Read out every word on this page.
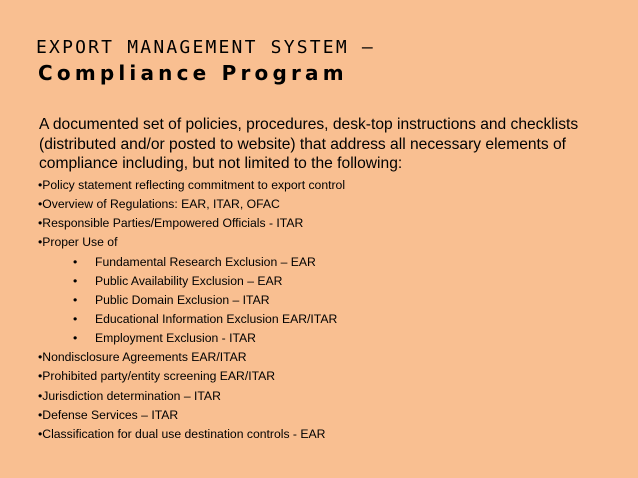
EXPORT MANAGEMENT SYSTEM –
Compliance Program
A documented set of policies, procedures, desk-top instructions and checklists (distributed and/or posted to website) that address all necessary elements of compliance including, but not limited to the following:
•Policy statement reflecting commitment to export control
•Overview of Regulations: EAR, ITAR, OFAC
•Responsible Parties/Empowered Officials - ITAR
•Proper Use of
• Fundamental Research Exclusion – EAR
• Public Availability Exclusion – EAR
• Public Domain Exclusion – ITAR
• Educational Information Exclusion EAR/ITAR
• Employment Exclusion - ITAR
•Nondisclosure Agreements EAR/ITAR
•Prohibited party/entity screening EAR/ITAR
•Jurisdiction determination – ITAR
•Defense Services – ITAR
•Classification for dual use destination controls - EAR
